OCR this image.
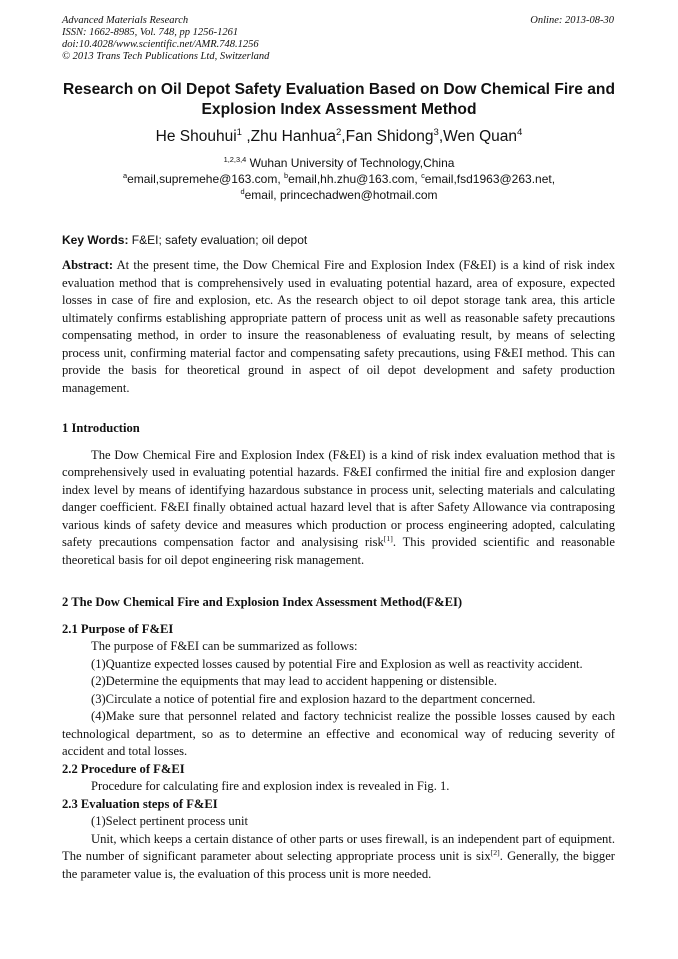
Advanced Materials Research
ISSN: 1662-8985, Vol. 748, pp 1256-1261
doi:10.4028/www.scientific.net/AMR.748.1256
© 2013 Trans Tech Publications Ltd, Switzerland
Online: 2013-08-30
Research on Oil Depot Safety Evaluation Based on Dow Chemical Fire and Explosion Index Assessment Method
He Shouhui$^1$ ,Zhu Hanhua$^2$,Fan Shidong$^3$,Wen Quan$^4$
$^{1,2,3,4}$ Wuhan University of Technology,China
$^a$email,supremehe@163.com, $^b$email,hh.zhu@163.com, $^c$email,fsd1963@263.net,
$^d$email, princechadwen@hotmail.com
Key Words: F&EI; safety evaluation; oil depot

Abstract: At the present time, the Dow Chemical Fire and Explosion Index (F&EI) is a kind of risk index evaluation method that is comprehensively used in evaluating potential hazard, area of exposure, expected losses in case of fire and explosion, etc. As the research object to oil depot storage tank area, this article ultimately confirms establishing appropriate pattern of process unit as well as reasonable safety precautions compensating method, in order to insure the reasonableness of evaluating result, by means of selecting process unit, confirming material factor and compensating safety precautions, using F&EI method. This can provide the basis for theoretical ground in aspect of oil depot development and safety production management.

1 Introduction

The Dow Chemical Fire and Explosion Index (F&EI) is a kind of risk index evaluation method that is comprehensively used in evaluating potential hazards. F&EI confirmed the initial fire and explosion danger index level by means of identifying hazardous substance in process unit, selecting materials and calculating danger coefficient. F&EI finally obtained actual hazard level that is after Safety Allowance via contraposing various kinds of safety device and measures which production or process engineering adopted, calculating safety precautions compensation factor and analysising risk[1]. This provided scientific and reasonable theoretical basis for oil depot engineering risk management.

2 The Dow Chemical Fire and Explosion Index Assessment Method(F&EI)

2.1 Purpose of F&EI

The purpose of F&EI can be summarized as follows:

(1)Quantize expected losses caused by potential Fire and Explosion as well as reactivity accident.

(2)Determine the equipments that may lead to accident happening or distensible.

(3)Circulate a notice of potential fire and explosion hazard to the department concerned.

(4)Make sure that personnel related and factory technicist realize the possible losses caused by each technological department, so as to determine an effective and economical way of reducing severity of accident and total losses.

2.2 Procedure of F&EI

Procedure for calculating fire and explosion index is revealed in Fig. 1.

2.3 Evaluation steps of F&EI

(1)Select pertinent process unit

Unit, which keeps a certain distance of other parts or uses firewall, is an independent part of equipment. The number of significant parameter about selecting appropriate process unit is six[2]. Generally, the bigger the parameter value is, the evaluation of this process unit is more needed.
